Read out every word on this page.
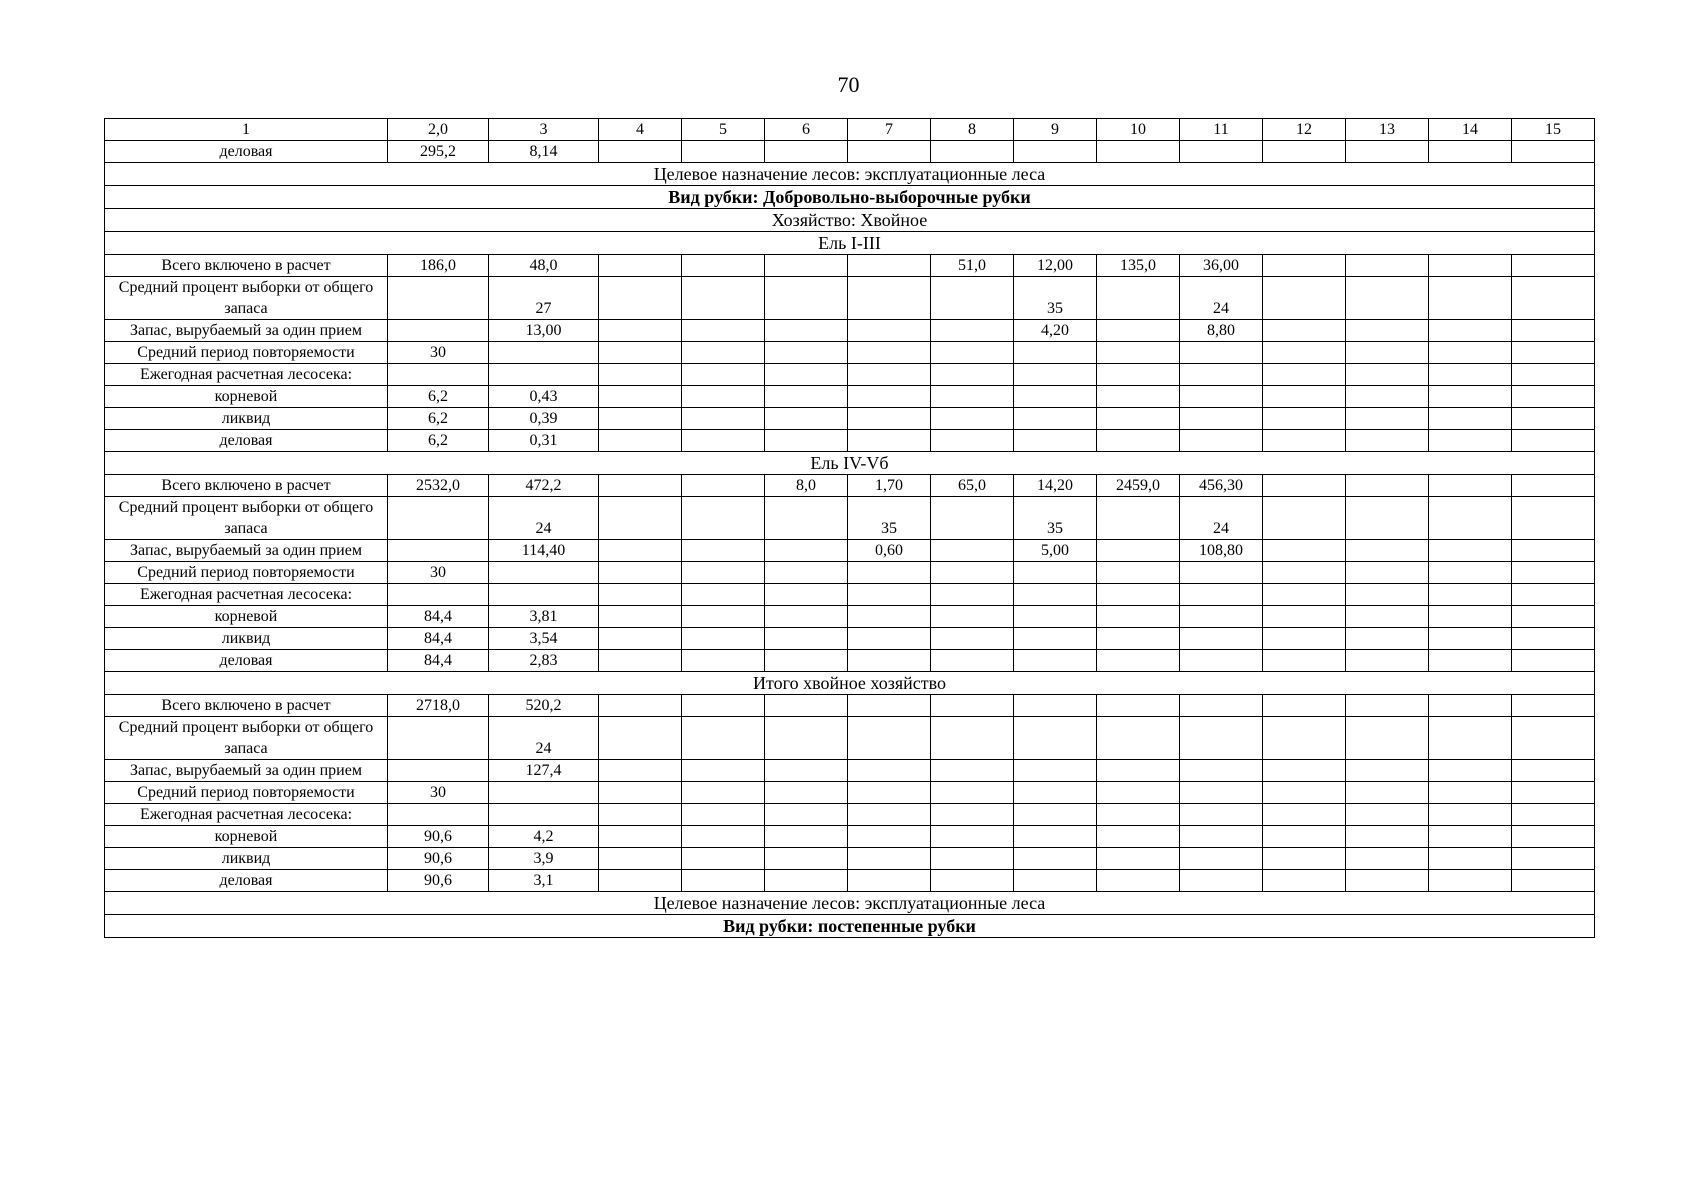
70
1	2,0	3	4	5	6	7	8	9	10	11	12	13	14	15
деловая	295,2	8,14												
Целевое назначение лесов: эксплуатационные леса														
Вид рубки: Добровольно-выборочные рубки														
Хозяйство: Хвойное														
Ель I-III														
Всего включено в расчет	186,0	48,0					51,0	12,00	135,0	36,00				
Средний процент выборки от общего запаса		27						35		24				
Запас, вырубаемый за один прием		13,00						4,20		8,80				
Средний период повторяемости	30													
Ежегодная расчетная лесосека:														
корневой	6,2	0,43												
ликвид	6,2	0,39												
деловая	6,2	0,31												
Ель IV-Vб														
Всего включено в расчет	2532,0	472,2			8,0	1,70	65,0	14,20	2459,0	456,30				
Средний процент выборки от общего запаса		24				35		35		24				
Запас, вырубаемый за один прием		114,40				0,60		5,00		108,80				
Средний период повторяемости	30													
Ежегодная расчетная лесосека:														
корневой	84,4	3,81												
ликвид	84,4	3,54												
деловая	84,4	2,83												
Итого хвойное хозяйство														
Всего включено в расчет	2718,0	520,2												
Средний процент выборки от общего запаса		24												
Запас, вырубаемый за один прием		127,4												
Средний период повторяемости	30													
Ежегодная расчетная лесосека:														
корневой	90,6	4,2												
ликвид	90,6	3,9												
деловая	90,6	3,1												
Целевое назначение лесов: эксплуатационные леса														
Вид рубки: постепенные рубки														
